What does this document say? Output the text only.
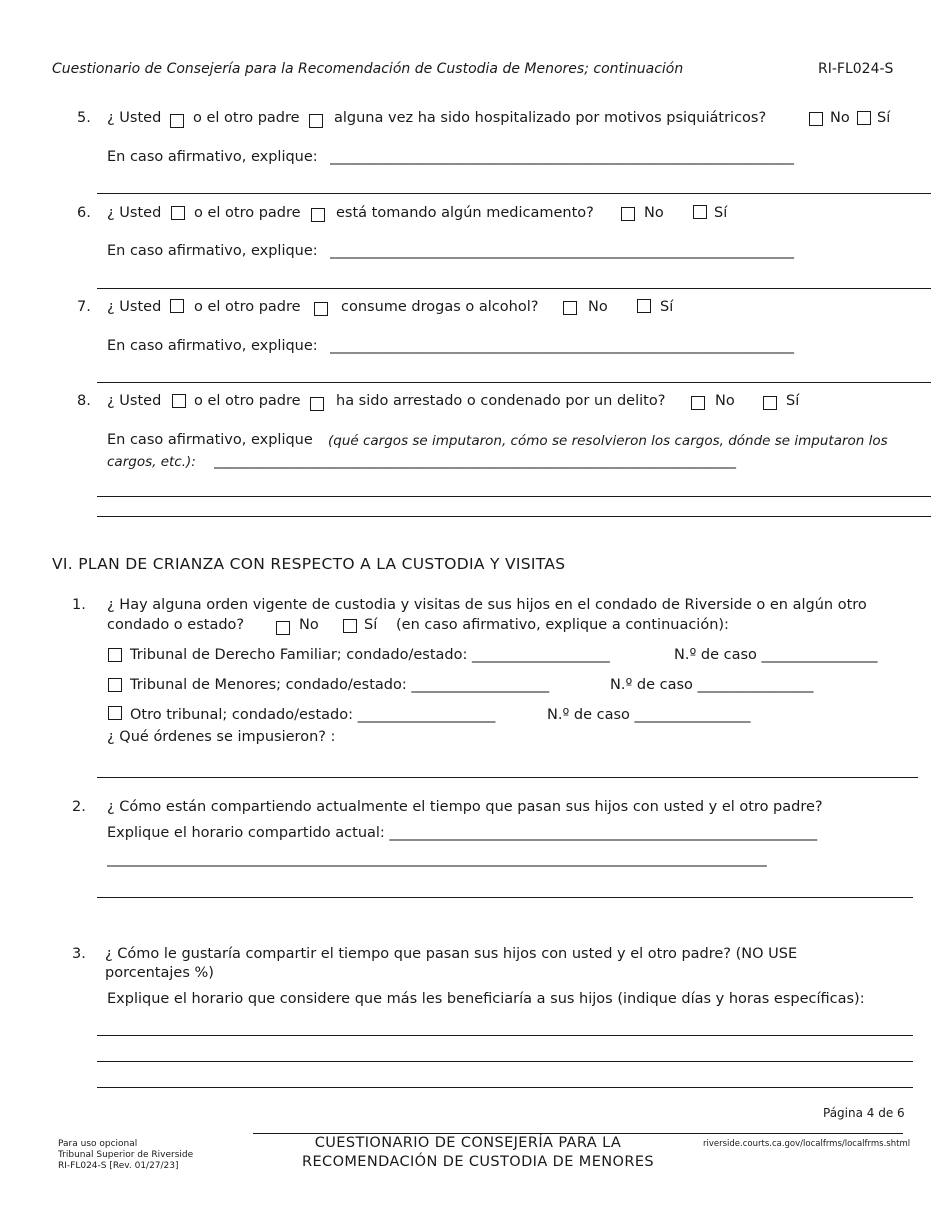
Cuestionario de Consejería para la Recomendación de Custodia de Menores; continuación	RI-FL024-S
5. ¿ Usted o el otro padre alguna vez ha sido hospitalizado por motivos psiquiátricos?	No Sí
En caso afirmativo, explique: ________________________________________________________________
6. ¿ Usted o el otro padre está tomando algún medicamento?	No	Sí
En caso afirmativo, explique: ________________________________________________________________
7. ¿ Usted o el otro padre	consume drogas o alcohol?	No	Sí
En caso afirmativo, explique: ________________________________________________________________
8. ¿ Usted o el otro padre ha sido arrestado o condenado por un delito?	No	Sí
En caso afirmativo, explique (qué cargos se imputaron, cómo se resolvieron los cargos, dónde se imputaron los
cargos, etc.): ________________________________________________________________________
VI. PLAN DE CRIANZA CON RESPECTO A LA CUSTODIA Y VISITAS
1. ¿ Hay alguna orden vigente de custodia y visitas de sus hijos en el condado de Riverside o en algún otro
condado o estado?	No	Sí (en caso afirmativo, explique a continuación):
Tribunal de Derecho Familiar; condado/estado: ___________________	N.º de caso ________________
Tribunal de Menores; condado/estado: ___________________	N.º de caso ________________
Otro tribunal; condado/estado: ___________________	N.º de caso ________________
¿ Qué órdenes se impusieron? :
2. ¿ Cómo están compartiendo actualmente el tiempo que pasan sus hijos con usted y el otro padre?
Explique el horario compartido actual: ___________________________________________________________
___________________________________________________________________________________________
3. ¿ Cómo le gustaría compartir el tiempo que pasan sus hijos con usted y el otro padre? (NO USE
porcentajes %)
Explique el horario que considere que más les beneficiaría a sus hijos (indique días y horas específicas):
Página 4 de 6
Para uso opcional
Tribunal Superior de Riverside
RI-FL024-S [Rev. 01/27/23]
CUESTIONARIO DE CONSEJERÍA PARA LA
RECOMENDACIÓN DE CUSTODIA DE MENORES
riverside.courts.ca.gov/localfrms/localfrms.shtml
